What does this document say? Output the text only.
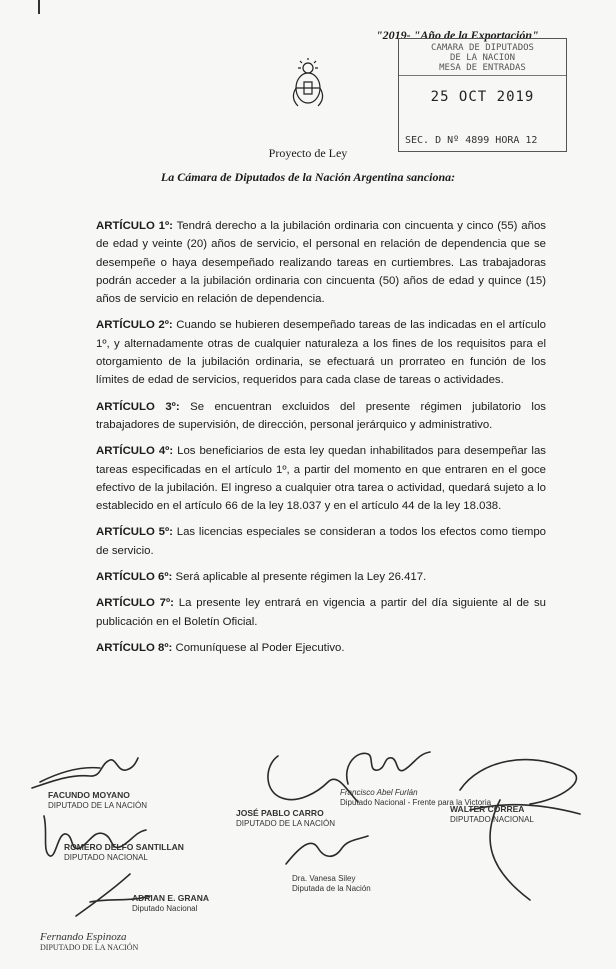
"2019- "Año de la Exportación"
CAMARA DE DIPUTADOS
DE LA NACION
MESA DE ENTRADAS
25 OCT 2019
SEC. D Nº 4899 HORA 12
Proyecto de Ley
La Cámara de Diputados de la Nación Argentina sanciona:

ARTÍCULO 1º: Tendrá derecho a la jubilación ordinaria con cincuenta y cinco (55) años de edad y veinte (20) años de servicio, el personal en relación de dependencia que se desempeñe o haya desempeñado realizando tareas en curtiembres. Las trabajadoras podrán acceder a la jubilación ordinaria con cincuenta (50) años de edad y quince (15) años de servicio en relación de dependencia.

ARTÍCULO 2º: Cuando se hubieren desempeñado tareas de las indicadas en el artículo 1º, y alternadamente otras de cualquier naturaleza a los fines de los requisitos para el otorgamiento de la jubilación ordinaria, se efectuará un prorrateo en función de los límites de edad de servicios, requeridos para cada clase de tareas o actividades.

ARTÍCULO 3º: Se encuentran excluidos del presente régimen jubilatorio los trabajadores de supervisión, de dirección, personal jerárquico y administrativo.

ARTÍCULO 4º: Los beneficiarios de esta ley quedan inhabilitados para desempeñar las tareas especificadas en el artículo 1º, a partir del momento en que entraren en el goce efectivo de la jubilación. El ingreso a cualquier otra tarea o actividad, quedará sujeto a lo establecido en el artículo 66 de la ley 18.037 y en el artículo 44 de la ley 18.038.

ARTÍCULO 5º: Las licencias especiales se consideran a todos los efectos como tiempo de servicio.

ARTÍCULO 6º: Será aplicable al presente régimen la Ley 26.417.

ARTÍCULO 7º: La presente ley entrará en vigencia a partir del día siguiente al de su publicación en el Boletín Oficial.

ARTÍCULO 8º: Comuníquese al Poder Ejecutivo.

FACUNDO MOYANO
DIPUTADO DE LA NACIÓN
ROMERO DELFO SANTILLAN
DIPUTADO NACIONAL
ADRIAN E. GRANA
Diputado Nacional
Fernando Espinoza
DIPUTADO DE LA NACIÓN
JOSÉ PABLO CARRO
DIPUTADO DE LA NACIÓN
Francisco Abel Furlán
Diputado Nacional - Frente para la Victoria
Dra. Vanesa Siley
Diputada de la Nación
WALTER CORREA
DIPUTADO NACIONAL
